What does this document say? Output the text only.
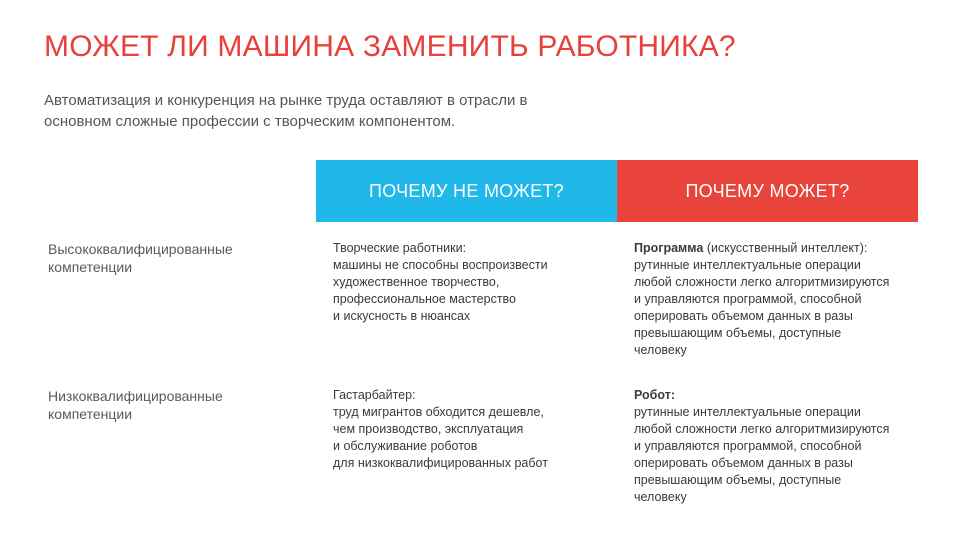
МОЖЕТ ЛИ МАШИНА ЗАМЕНИТЬ РАБОТНИКА?
Автоматизация и конкуренция на рынке труда оставляют в отрасли в
основном сложные профессии с творческим компонентом.
ПОЧЕМУ НЕ МОЖЕТ?	ПОЧЕМУ МОЖЕТ?
Высококвалифицированные
компетенции
Творческие работники:
машины не способны воспроизвести
художественное творчество,
профессиональное мастерство
и искусность в нюансах
Программа (искусственный интеллект):
рутинные интеллектуальные операции
любой сложности легко алгоритмизируются
и управляются программой, способной
оперировать объемом данных в разы
превышающим объемы, доступные
человеку
Низкоквалифицированные
компетенции
Гастарбайтер:
труд мигрантов обходится дешевле,
чем производство, эксплуатация
и обслуживание роботов
для низкоквалифицированных работ
Робот:
рутинные интеллектуальные операции
любой сложности легко алгоритмизируются
и управляются программой, способной
оперировать объемом данных в разы
превышающим объемы, доступные
человеку
